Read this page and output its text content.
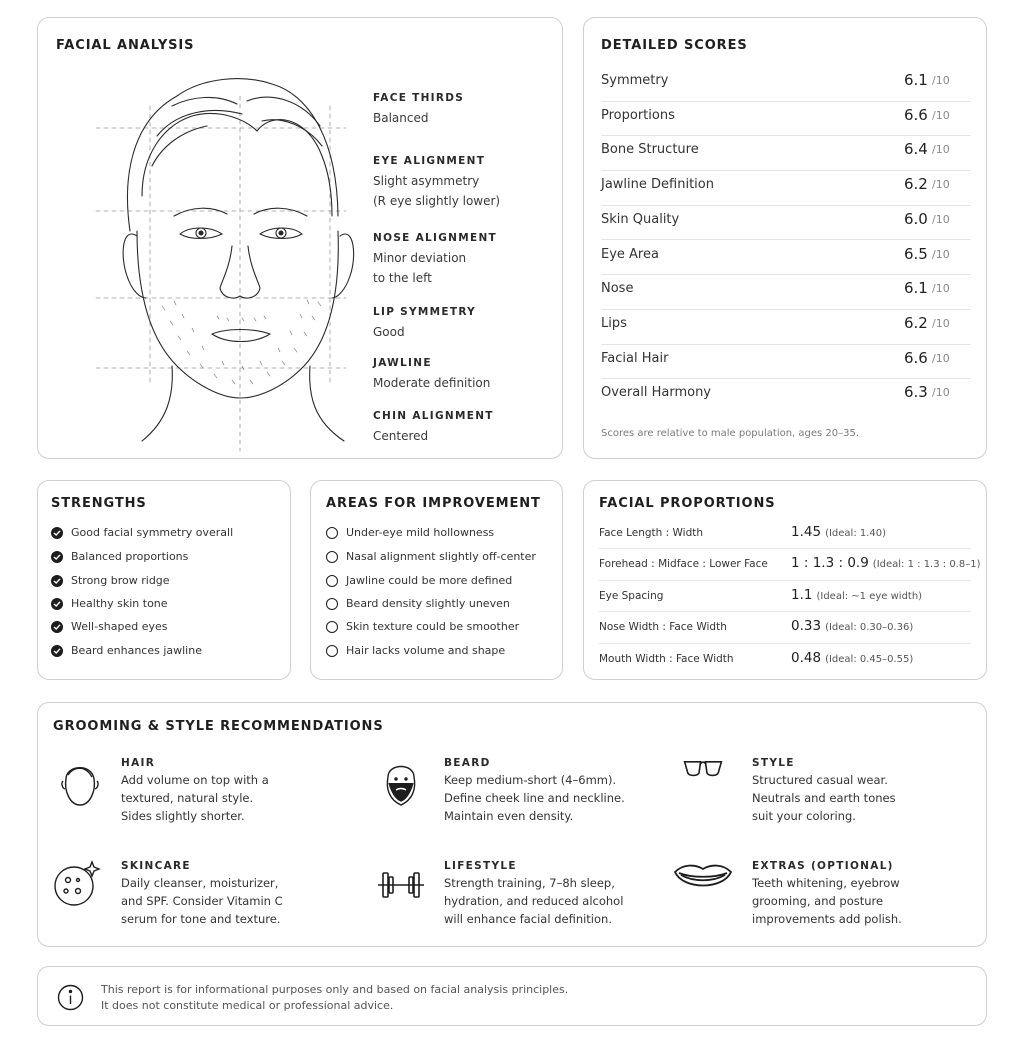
FACIAL ANALYSIS
FACE THIRDS
Balanced
EYE ALIGNMENT
Slight asymmetry
(R eye slightly lower)
NOSE ALIGNMENT
Minor deviation
to the left
LIP SYMMETRY
Good
JAWLINE
Moderate definition
CHIN ALIGNMENT
Centered
DETAILED SCORES
Symmetry	6.1 /10
Proportions	6.6 /10
Bone Structure	6.4 /10
Jawline Definition	6.2 /10
Skin Quality	6.0 /10
Eye Area	6.5 /10
Nose	6.1 /10
Lips	6.2 /10
Facial Hair	6.6 /10
Overall Harmony	6.3 /10
Scores are relative to male population, ages 20–35.
STRENGTHS
Good facial symmetry overall
Balanced proportions
Strong brow ridge
Healthy skin tone
Well-shaped eyes
Beard enhances jawline
AREAS FOR IMPROVEMENT
Under-eye mild hollowness
Nasal alignment slightly off-center
Jawline could be more defined
Beard density slightly uneven
Skin texture could be smoother
Hair lacks volume and shape
FACIAL PROPORTIONS
Face Length : Width	1.45 (Ideal: 1.40)
Forehead : Midface : Lower Face 1 : 1.3 : 0.9 (Ideal: 1 : 1.3 : 0.8–1)
Eye Spacing	1.1 (Ideal: ~1 eye width)
Nose Width : Face Width	0.33 (Ideal: 0.30–0.36)
Mouth Width : Face Width	0.48 (Ideal: 0.45–0.55)
GROOMING & STYLE RECOMMENDATIONS
HAIR
Add volume on top with a
textured, natural style.
Sides slightly shorter.
BEARD
Keep medium-short (4–6mm).
Define cheek line and neckline.
Maintain even density.
STYLE
Structured casual wear.
Neutrals and earth tones
suit your coloring.
SKINCARE
Daily cleanser, moisturizer,
and SPF. Consider Vitamin C
serum for tone and texture.
LIFESTYLE
Strength training, 7–8h sleep,
hydration, and reduced alcohol
will enhance facial definition.
EXTRAS (OPTIONAL)
Teeth whitening, eyebrow
grooming, and posture
improvements add polish.
This report is for informational purposes only and based on facial analysis principles.
It does not constitute medical or professional advice.
